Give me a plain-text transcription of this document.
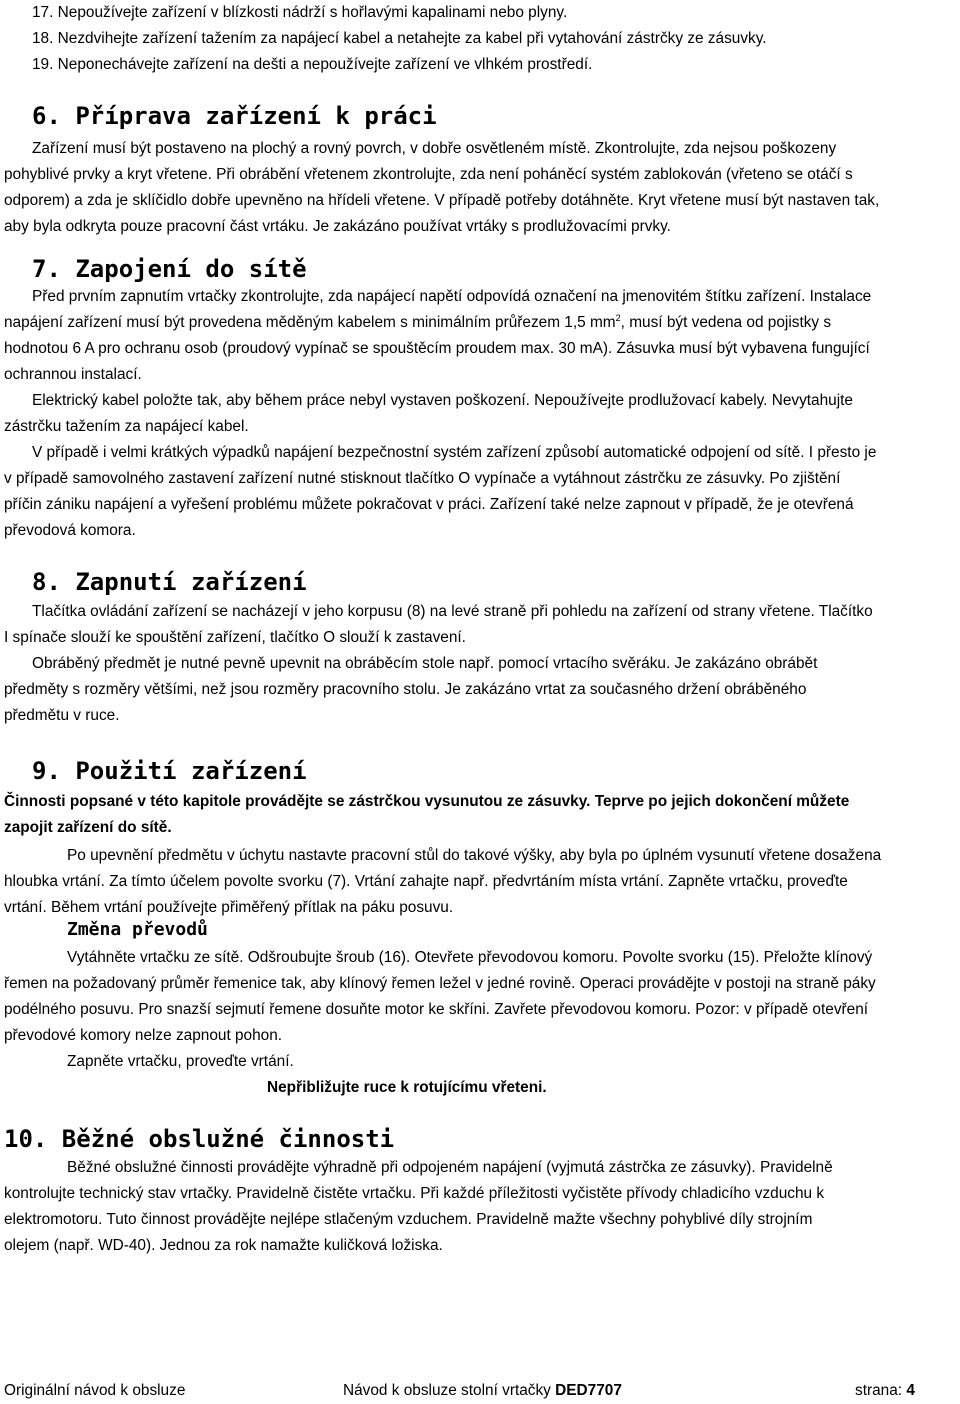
17. Nepoužívejte zařízení v blízkosti nádrží s hořlavými kapalinami nebo plyny.
18. Nezdvihejte zařízení tažením za napájecí kabel a netahejte za kabel při vytahování zástrčky ze zásuvky.
19. Neponechávejte zařízení na dešti a nepoužívejte zařízení ve vlhkém prostředí.
6. Příprava zařízení k práci
Zařízení musí být postaveno na plochý a rovný povrch, v dobře osvětleném místě. Zkontrolujte, zda nejsou poškozeny
pohyblivé prvky a kryt vřetene. Při obrábění vřetenem zkontrolujte, zda není poháněcí systém zablokován (vřeteno se otáčí s
odporem) a zda je sklíčidlo dobře upevněno na hřídeli vřetene. V případě potřeby dotáhněte. Kryt vřetene musí být nastaven tak,
aby byla odkryta pouze pracovní část vrtáku. Je zakázáno používat vrtáky s prodlužovacími prvky.
7. Zapojení do sítě
Před prvním zapnutím vrtačky zkontrolujte, zda napájecí napětí odpovídá označení na jmenovitém štítku zařízení. Instalace
napájení zařízení musí být provedena měděným kabelem s minimálním průřezem 1,5 $mm^2$, musí být vedena od pojistky s
hodnotou 6 A pro ochranu osob (proudový vypínač se spouštěcím proudem max. 30 mA). Zásuvka musí být vybavena fungující
ochrannou instalací.
Elektrický kabel položte tak, aby během práce nebyl vystaven poškození. Nepoužívejte prodlužovací kabely. Nevytahujte
zástrčku tažením za napájecí kabel.
V případě i velmi krátkých výpadků napájení bezpečnostní systém zařízení způsobí automatické odpojení od sítě. I přesto je
v případě samovolného zastavení zařízení nutné stisknout tlačítko O vypínače a vytáhnout zástrčku ze zásuvky. Po zjištění
příčin zániku napájení a vyřešení problému můžete pokračovat v práci. Zařízení také nelze zapnout v případě, že je otevřená
převodová komora.
8. Zapnutí zařízení
Tlačítka ovládání zařízení se nacházejí v jeho korpusu (8) na levé straně při pohledu na zařízení od strany vřetene. Tlačítko
I spínače slouží ke spouštění zařízení, tlačítko O slouží k zastavení.
Obráběný předmět je nutné pevně upevnit na obráběcím stole např. pomocí vrtacího svěráku. Je zakázáno obrábět
předměty s rozměry většími, než jsou rozměry pracovního stolu. Je zakázáno vrtat za současného držení obráběného
předmětu v ruce.
9. Použití zařízení
Činnosti popsané v této kapitole provádějte se zástrčkou vysunutou ze zásuvky. Teprve po jejich dokončení můžete
zapojit zařízení do sítě.
Po upevnění předmětu v úchytu nastavte pracovní stůl do takové výšky, aby byla po úplném vysunutí vřetene dosažena
hloubka vrtání. Za tímto účelem povolte svorku (7). Vrtání zahajte např. předvrtáním místa vrtání. Zapněte vrtačku, proveďte
vrtání. Během vrtání používejte přiměřený přítlak na páku posuvu.
Změna převodů
Vytáhněte vrtačku ze sítě. Odšroubujte šroub (16). Otevřete převodovou komoru. Povolte svorku (15). Přeložte klínový
řemen na požadovaný průměr řemenice tak, aby klínový řemen ležel v jedné rovině. Operaci provádějte v postoji na straně páky
podélného posuvu. Pro snazší sejmutí řemene dosuňte motor ke skříni. Zavřete převodovou komoru. Pozor: v případě otevření
převodové komory nelze zapnout pohon.
Zapněte vrtačku, proveďte vrtání.
Nepřibližujte ruce k rotujícímu vřeteni.
10. Běžné obslužné činnosti
Běžné obslužné činnosti provádějte výhradně při odpojeném napájení (vyjmutá zástrčka ze zásuvky). Pravidelně
kontrolujte technický stav vrtačky. Pravidelně čistěte vrtačku. Při každé příležitosti vyčistěte přívody chladicího vzduchu k
elektromotoru. Tuto činnost provádějte nejlépe stlačeným vzduchem. Pravidelně mažte všechny pohyblivé díly strojním
olejem (např. WD-40). Jednou za rok namažte kuličková ložiska.
Originální návod k obsluze	Návod k obsluze stolní vrtačky DED7707	strana: 4
